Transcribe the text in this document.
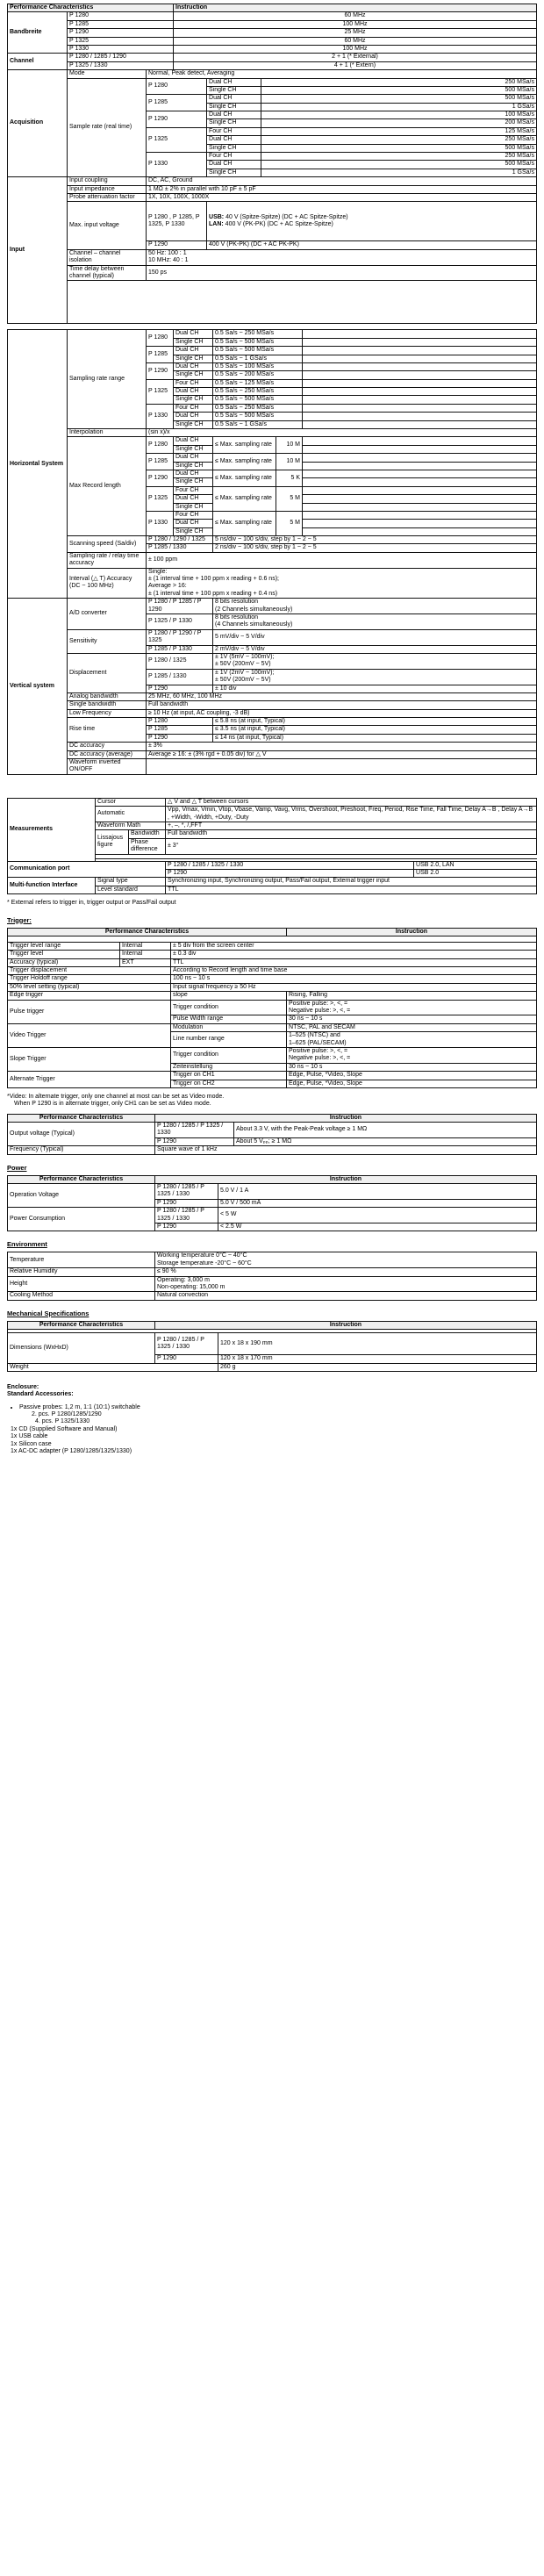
Performance Characteristics			Instruction		
Bandbreite	P 1280		60 MHz		
	P 1285		100 MHz		
	P 1290		25 MHz		
	P 1325		60 MHz		
	P 1330		100 MHz		
Channel	P 1280 / 1285 / 1290		2 + 1 (* External)		
	P 1325 / 1330		4 + 1 (* Extern)		
Acquisition	Mode	Normal, Peak detect, Averaging			
	Sample rate (real time)	P 1280		Dual CH	250 MSa/s
				Single CH	500 MSa/s
		P 1285		Dual CH	500 MSa/s
				Single CH	1 GSa/s
		P 1290		Dual CH	100 MSa/s
				Single CH	200 MSa/s
		P 1325		Four CH	125 MSa/s
				Dual CH	250 MSa/s
				Single CH	500 MSa/s
		P 1330		Four CH	250 MSa/s
				Dual CH	500 MSa/s
				Single CH	1 GSa/s
Input	Input coupling	DC, AC, Ground			
	Input impedance	1 MΩ ± 2% in parallel with 10 pF ± 5 pF			
	Probe attenuation factor	1X, 10X, 100X, 1000X			
	Max. input voltage	P 1280 , P 1285, P 1325, P 1330		USB: 40 V (Spitze-Spitze) (DC + AC Spitze-Spitze)
LAN: 400 V (PK-PK) (DC + AC Spitze-Spitze)	
		P 1290		400 V (PK-PK) (DC + AC PK-PK)	
	Channel – channel isolation	50 Hz: 100 : 1
10 MHz: 40 : 1			
	Time delay between channel (typical)	150 ps			

Horizontal System	Sampling rate range	P 1280	Dual CH	0.5 Sa/s ~ 250 MSa/s		
			Single CH	0.5 Sa/s ~ 500 MSa/s		
		P 1285	Dual CH	0.5 Sa/s ~ 500 MSa/s		
			Single CH	0.5 Sa/s ~ 1 GSa/s		
		P 1290	Dual CH	0.5 Sa/s ~ 100 MSa/s		
			Single CH	0.5 Sa/s ~ 200 MSa/s		
		P 1325	Four CH	0.5 Sa/s ~ 125 MSa/s		
			Dual CH	0.5 Sa/s ~ 250 MSa/s		
			Single CH	0.5 Sa/s ~ 500 MSa/s		
		P 1330	Four CH	0.5 Sa/s ~ 250 MSa/s		
			Dual CH	0.5 Sa/s ~ 500 MSa/s		
			Single CH	0.5 Sa/s ~ 1 GSa/s		
	Interpolation	(sin x)/x				
	Max Record length	P 1280	Dual CH	≤ Max. sampling rate	10 M	
			Single CH			
		P 1285	Dual CH	≤ Max. sampling rate	10 M	
			Single CH			
		P 1290	Dual CH	≤ Max. sampling rate	5 K	
			Single CH			
		P 1325	Four CH	≤ Max. sampling rate	5 M	
			Dual CH			
			Single CH			
		P 1330	Four CH	≤ Max. sampling rate	5 M	
			Dual CH			
			Single CH			
	Scanning speed (Sa/div)	P 1280 / 1290 / 1325		5 ns/div ~ 100 s/div, step by 1 ~ 2 ~ 5		
		P 1285 / 1330		2 ns/div ~ 100 s/div, step by 1 ~ 2 ~ 5		
	Sampling rate / relay time accuracy	± 100 ppm				
	Interval (△ T) Accuracy (DC ~ 100 MHz)	Single:
± (1 interval time + 100 ppm x reading + 0.6 ns);
Average > 16:
± (1 interval time + 100 ppm x reading + 0.4 ns)				
Vertical system	A/D converter	P 1280 / P 1285 / P 1290		8 bits resolution
(2 Channels simultaneously)		
		P 1325 / P 1330		8 bits resolution
(4 Channels simultaneously)		
	Sensitivity	P 1280 / P 1290 / P 1325		5 mV/div ~ 5 V/div		
		P 1285 / P 1330		2 mV/div ~ 5 V/div		
	Displacement	P 1280 / 1325		± 1V (5mV ~ 100mV);
± 50V (200mV ~ 5V)		
		P 1285 / 1330		± 1V (2mV ~ 100mV);
± 50V (200mV ~ 5V)		
		P 1290		± 10 div		
	Analog bandwidth	25 MHz, 60 MHz, 100 MHz				
	Single bandwidth	Full bandwidth				
	Low Frequency	≥ 10 Hz (at input, AC coupling, -3 dB)				
	Rise time	P 1280		≤ 5.8 ns (at input, Typical)		
		P 1285		≤ 3.5 ns (at input, Typical)		
		P 1290		≤ 14 ns (at input, Typical)		
	DC accuracy	± 3%				
	DC accuracy (average)	Average ≥ 16: ± (3% rgd + 0.05 div) for △ V				
	Waveform inverted ON/OFF					
Measurements	Cursor		△ V and △ T between cursors	
	Automatic		Vpp, Vmax, Vmin, Vtop, Vbase, Vamp, Vavg, Vrms, Overshoot, Preshoot, Freq, Period, Rise Time, Fall Time, Delay A→B , Delay A→B , +Width, -Width, +Duty, -Duty	
	Waveform Math		+, –, *, /,FFT	
	Lissajous figure	Bandwidth	Full bandwidth	
		Phase difference	± 3°	

Communication port			P 1280 / 1285 / 1325 / 1330	USB 2.0, LAN
			P 1290	USB 2.0
Multi-function Interface	Signal type		Synchronizing input, Synchronizing output, Pass/Fail output, External trigger input	
	Level standard		TTL	
* External refers to trigger in, trigger output or Pass/Fail output
Trigger:
Performance Characteristics			Instruction

Trigger level range	Internal	± 5 div from the screen center	
Trigger level	Internal	± 0.3 div	
Accuracy (typical)	EXT	TTL	
Trigger displacement		According to Record length and time base	
Trigger Holdoff range		100 ns ~ 10 s	
50% level setting (typical)		Input signal frequency ≥ 50 Hz	
Edge trigger		slope	Rising, Falling
Pulse trigger		Trigger condition	Positive pulse: >, <, =
Negative pulse: >, <, =
		Pulse Width range	30 ns ~ 10 s
Video Trigger		Modulation	NTSC, PAL and SECAM
		Line number range	1–525 (NTSC) and
1–625 (PAL/SECAM)
Slope Trigger		Trigger condition	Positive pulse: >, <, =
Negative pulse: >, <, =
		Zeiteinstellung	30 ns ~ 10 s
Alternate Trigger		Trigger on CH1	Edge, Pulse, *Video, Slope
		Trigger on CH2	Edge, Pulse, *Video, Slope
*Video: In alternate trigger, only one channel at most can be set as Video mode.
When P 1290 is in alternate trigger, only CH1 can be set as Video mode.
Performance Characteristics	Instruction	
Output voltage (Typical)	P 1280 / 1285 / P 1325 / 1330	About 3.3 V, with the Peak-Peak voltage ≥ 1 MΩ
	P 1290	About 5 Vₚₚ; ≥ 1 MΩ
Frequency (Typical)	Square wave of 1 kHz	
Power
Performance Characteristics	Instruction	
Operation Voltage	P 1280 / 1285 / P 1325 / 1330	5.0 V / 1 A
	P 1290	5.0 V / 500 mA
Power Consumption	P 1280 / 1285 / P 1325 / 1330	< 5 W
	P 1290	< 2.5 W
Environment
Temperature	Working temperature 0°C ~ 40°C
Storage temperature -20°C ~ 60°C
Relative Humidity	≤ 90 %
Height	Operating: 3,000 m
Non-operating: 15,000 m
Cooling Method	Natural convection
Mechanical Specifications
Performance Characteristics	Instruction	

Dimensions (WxHxD)	P 1280 / 1285 / P 1325 / 1330	120 x 18 x 190 mm
	P 1290	120 x 18 x 170 mm
Weight		260 g
Enclosure:
Standard Accessories:
• Passive probes: 1,2 m, 1:1 (10:1) switchable
2. pcs. P 1280/1285/1290
4. pcs. P 1325/1330
1x CD (Supplied Software and Manual)
1x USB cable
1x Silicon case
1x AC-DC adapter (P 1280/1285/1325/1330)
